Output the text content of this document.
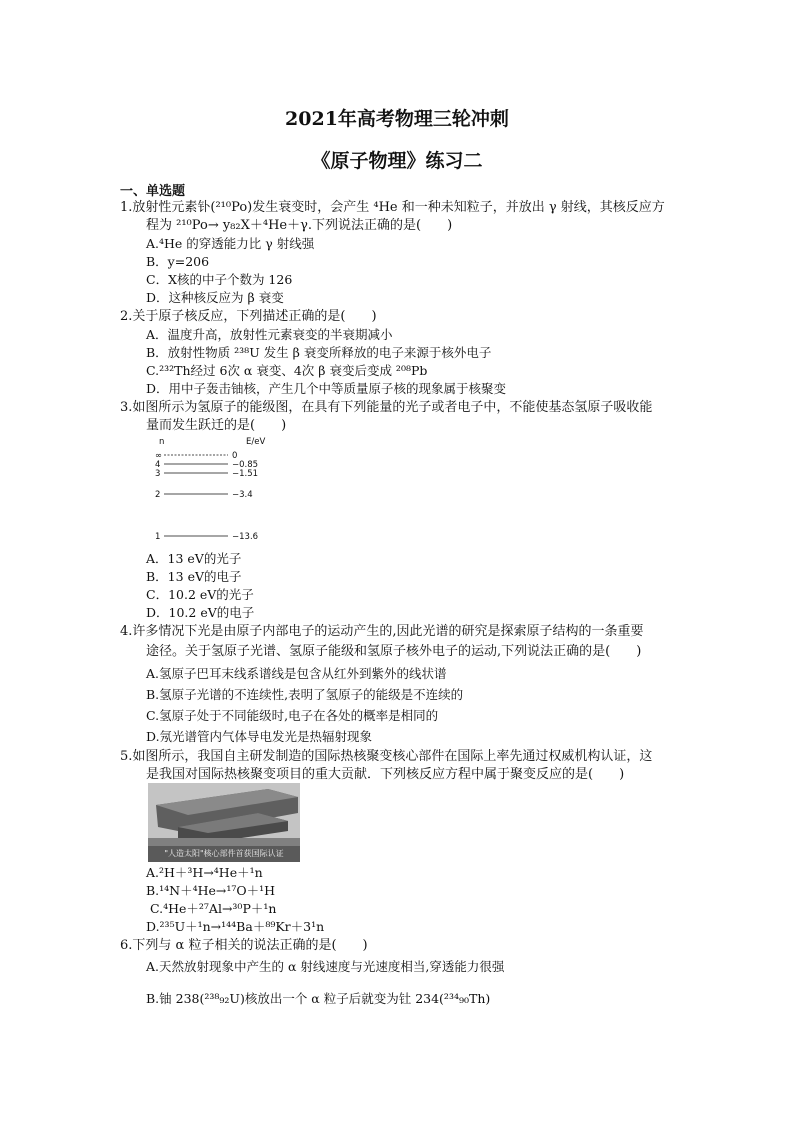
2021年高考物理三轮冲刺
《原子物理》练习二
一、单选题
1.放射性元素钋(²¹⁰Po)发生衰变时，会产生 ⁴He 和一种未知粒子，并放出 γ 射线，其核反应方
程为 ²¹⁰Po→ y₈₂X＋⁴He＋γ.下列说法正确的是(　　)
A.⁴He 的穿透能力比 γ 射线强
B．y=206
C．X核的中子个数为 126
D．这种核反应为 β 衰变
2.关于原子核反应，下列描述正确的是(　　)
A．温度升高，放射性元素衰变的半衰期减小
B．放射性物质 ²³⁸U 发生 β 衰变所释放的电子来源于核外电子
C.²³²Th经过 6次 α 衰变、4次 β 衰变后变成 ²⁰⁸Pb
D．用中子轰击铀核，产生几个中等质量原子核的现象属于核聚变
3.如图所示为氢原子的能级图，在具有下列能量的光子或者电子中，不能使基态氢原子吸收能
量而发生跃迁的是(　　)
n	E/eV
∞
4
3
2
1
0
−0.85
−1.51
−3.4
−13.6
A．13 eV的光子
B．13 eV的电子
C．10.2 eV的光子
D．10.2 eV的电子
4.许多情况下光是由原子内部电子的运动产生的,因此光谱的研究是探索原子结构的一条重要
途径。关于氢原子光谱、氢原子能级和氢原子核外电子的运动,下列说法正确的是(　　)
A.氢原子巴耳末线系谱线是包含从红外到紫外的线状谱
B.氢原子光谱的不连续性,表明了氢原子的能级是不连续的
C.氢原子处于不同能级时,电子在各处的概率是相同的
D.氖光谱管内气体导电发光是热辐射现象
5.如图所示，我国自主研发制造的国际热核聚变核心部件在国际上率先通过权威机构认证，这
是我国对国际热核聚变项目的重大贡献．下列核反应方程中属于聚变反应的是(　　)
"人造太阳"核心部件首获国际认证
A.²H＋³H→⁴He＋¹n
B.¹⁴N＋⁴He→¹⁷O＋¹H
C.⁴He＋²⁷Al→³⁰P＋¹n
D.²³⁵U＋¹n→¹⁴⁴Ba＋⁸⁹Kr＋3¹n
6.下列与 α 粒子相关的说法正确的是(　　)
A.天然放射现象中产生的 α 射线速度与光速度相当,穿透能力很强
B.铀 238(²³⁸₉₂U)核放出一个 α 粒子后就变为钍 234(²³⁴₉₀Th)
